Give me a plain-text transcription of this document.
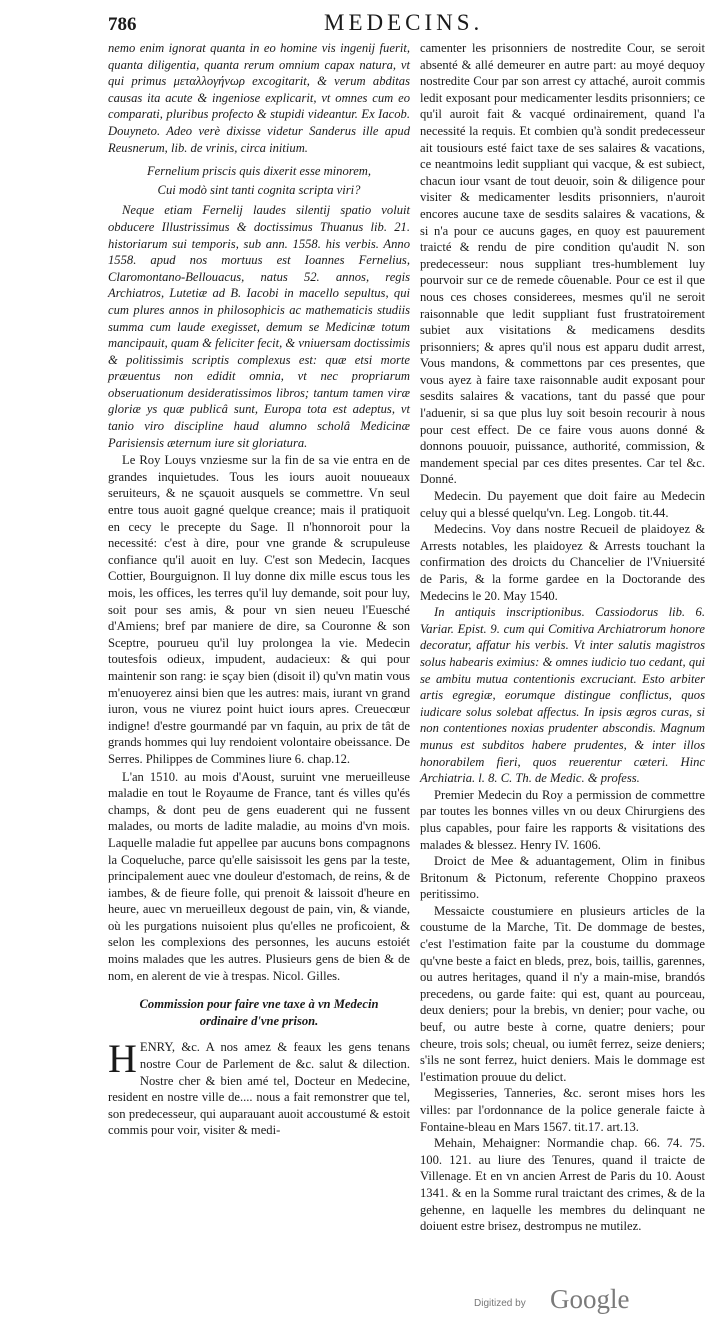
786	MEDECINS.

nemo enim ignorat quanta in eo homine vis ingenij fuerit, quanta diligentia, quanta rerum omnium capax natura, vt qui primus μεταλλογήνωρ excogitarit, & verum abditas causas ita acute & ingeniose explicarit, vt omnes cum eo comparati, pluribus profecto & stupidi videantur. Ex Iacob. Douyneto. Adeo verè dixisse videtur Sanderus ille apud Reusnerum, lib. de vrinis, circa initium.

Fernelium priscis quis dixerit esse minorem,

Cui modò sint tanti cognita scripta viri?

Neque etiam Fernelij laudes silentij spatio voluit obducere Illustrissimus & doctissimus Thuanus lib. 21. historiarum sui temporis, sub ann. 1558. his verbis. Anno 1558. apud nos mortuus est Ioannes Fernelius, Claromontano-Bellouacus, natus 52. annos, regis Archiatros, Lutetiæ ad B. Iacobi in macello sepultus, qui cum plures annos in philosophicis ac mathematicis studiis summa cum laude exegisset, demum se Medicinæ totum mancipauit, quam & feliciter fecit, & vniuersam doctissimis & politissimis scriptis complexus est: quæ etsi morte præuentus non edidit omnia, vt nec propriarum obseruationum desideratissimos libros; tantum tamen viræ gloriæ ys quæ publicâ sunt, Europa tota est adeptus, vt tanio viro discipline haud alumno scholâ Medicinæ Parisiensis æternum iure sit gloriatura.

Le Roy Louys vnziesme sur la fin de sa vie entra en de grandes inquietudes. Tous les iours auoit nouueaux seruiteurs, & ne sçauoit ausquels se commettre. Vn seul entre tous auoit gagné quelque creance; mais il pratiquoit en cecy le precepte du Sage. Il n'honnoroit pour la necessité: c'est à dire, pour vne grande & scrupuleuse confiance qu'il auoit en luy. C'est son Medecin, Iacques Cottier, Bourguignon. Il luy donne dix mille escus tous les mois, les offices, les terres qu'il luy demande, soit pour luy, soit pour ses amis, & pour vn sien neueu l'Euesché d'Amiens; bref par maniere de dire, sa Couronne & son Sceptre, pourueu qu'il luy prolongea la vie. Medecin toutesfois odieux, impudent, audacieux: & qui pour maintenir son rang: ie sçay bien (disoit il) qu'vn matin vous m'enuoyerez ainsi bien que les autres: mais, iurant vn grand iuron, vous ne viurez point huict iours apres. Creuecœur indigne! d'estre gourmandé par vn faquin, au prix de tât de grands hommes qui luy rendoient volontaire obeissance. De Serres. Philippes de Commines liure 6. chap.12.

L'an 1510. au mois d'Aoust, suruint vne merueilleuse maladie en tout le Royaume de France, tant és villes qu'és champs, & dont peu de gens euaderent qui ne fussent malades, ou morts de ladite maladie, au moins d'vn mois. Laquelle maladie fut appellee par aucuns bons compagnons la Coqueluche, parce qu'elle saisissoit les gens par la teste, principalement auec vne douleur d'estomach, de reins, & de iambes, & de fieure folle, qui prenoit & laissoit d'heure en heure, auec vn merueilleux degoust de pain, vin, & viande, où les purgations nuisoient plus qu'elles ne proficoient, & selon les complexions des personnes, les aucuns estoiét moins malades que les autres. Plusieurs gens de bien & de nom, en alerent de vie à trespas. Nicol. Gilles.

Commission pour faire vne taxe à vn Medecin ordinaire d'vne prison.

HENRY, &c. A nos amez & feaux les gens tenans nostre Cour de Parlement de &c. salut & dilection. Nostre cher & bien amé tel, Docteur en Medecine, resident en nostre ville de.... nous a fait remonstrer que tel, son predecesseur, qui auparauant auoit accoustumé & estoit commis pour voir, visiter & medi-

camenter les prisonniers de nostredite Cour, se seroit absenté & allé demeurer en autre part: au moyé dequoy nostredite Cour par son arrest cy attaché, auroit commis ledit exposant pour medicamenter lesdits prisonniers; ce qu'il auroit fait & vacqué ordinairement, quand l'a necessité la requis. Et combien qu'à sondit predecesseur ait tousiours esté faict taxe de ses salaires & vacations, ce neantmoins ledit suppliant qui vacque, & est subiect, chacun iour vsant de tout deuoir, soin & diligence pour visiter & medicamenter lesdits prisonniers, n'auroit encores aucune taxe de sesdits salaires & vacations, & si n'a pour ce aucuns gages, en quoy est pauurement traicté & rendu de pire condition qu'audit N. son predecesseur: nous suppliant tres-humblement luy pourvoir sur ce de remede côuenable. Pour ce est il que nous ces choses considerees, mesmes qu'il ne seroit raisonnable que ledit suppliant fust frustratoirement subiet aux visitations & medicamens desdits prisonniers; & apres qu'il nous est apparu dudit arrest, Vous mandons, & commettons par ces presentes, que vous ayez à faire taxe raisonnable audit exposant pour sesdits salaires & vacations, tant du passé que pour l'aduenir, si sa que plus luy soit besoin recourir à nous pour cest effect. De ce faire vous auons donné & donnons pouuoir, puissance, authorité, commission, & mandement special par ces dites presentes. Car tel &c. Donné.

Medecin. Du payement que doit faire au Medecin celuy qui a blessé quelqu'vn. Leg. Longob. tit.44.

Medecins. Voy dans nostre Recueil de plaidoyez & Arrests notables, les plaidoyez & Arrests touchant la confirmation des droicts du Chancelier de l'Vniuersité de Paris, & la forme gardee en la Doctorande des Medecins le 20. May 1540.

In antiquis inscriptionibus. Cassiodorus lib. 6. Variar. Epist. 9. cum qui Comitiva Archiatrorum honore decoratur, affatur his verbis. Vt inter salutis magistros solus habearis eximius: & omnes iudicio tuo cedant, qui se ambitu mutua contentionis excruciant. Esto arbiter artis egregiæ, eorumque distingue conflictus, quos iudicare solus solebat affectus. In ipsis ægros curas, si non contentiones noxias prudenter abscondis. Magnum munus est subditos habere prudentes, & inter illos honorabilem fieri, quos reuerentur cæteri. Hinc Archiatria. l. 8. C. Th. de Medic. & profess.

Premier Medecin du Roy a permission de commettre par toutes les bonnes villes vn ou deux Chirurgiens des plus capables, pour faire les rapports & visitations des malades & blessez. Henry IV. 1606.

Droict de Mee & aduantagement, Olim in finibus Britonum & Pictonum, referente Choppino praxeos peritissimo.

Messaicte coustumiere en plusieurs articles de la coustume de la Marche, Tit. De dommage de bestes, c'est l'estimation faite par la coustume du dommage qu'vne beste a faict en bleds, prez, bois, taillis, garennes, ou autres heritages, quand il n'y a main-mise, brandós precedens, ou garde faite: qui est, quant au pourceau, deux deniers; pour la brebis, vn denier; pour vache, ou beuf, ou autre beste à corne, quatre deniers; pour cheure, trois sols; cheual, ou iumêt ferrez, seize deniers; s'ils ne sont ferrez, huict deniers. Mais le dommage est l'estimation prouue du delict.

Megisseries, Tanneries, &c. seront mises hors les villes: par l'ordonnance de la police generale faicte à Fontaine-bleau en Mars 1567. tit.17. art.13.

Mehain, Mehaigner: Normandie chap. 66. 74. 75. 100. 121. au liure des Tenures, quand il traicte de Villenage. Et en vn ancien Arrest de Paris du 10. Aoust 1341. & en la Somme rural traictant des crimes, & de la gehenne, en laquelle les membres du delinquant ne doiuent estre brisez, destrompus ne mutilez.

Digitized by Google
